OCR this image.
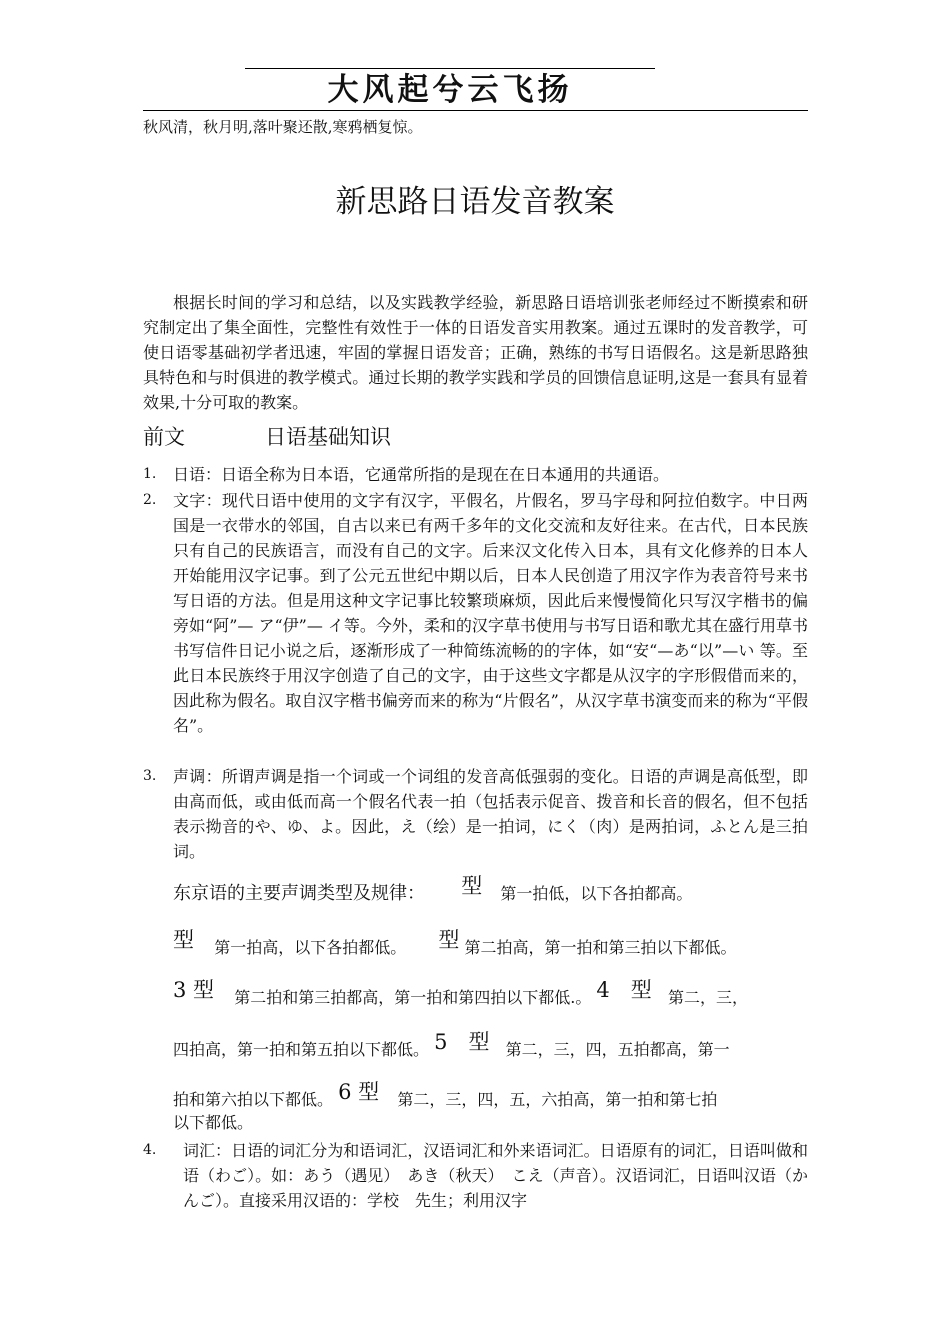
大风起兮云飞扬
秋风清，秋月明,落叶聚还散,寒鸦栖复惊。
新思路日语发音教案
根据长时间的学习和总结，以及实践教学经验，新思路日语培训张老师经过不断摸索和研究制定出了集全面性，完整性有效性于一体的日语发音实用教案。通过五课时的发音教学，可使日语零基础初学者迅速，牢固的掌握日语发音；正确，熟练的书写日语假名。这是新思路独具特色和与时俱进的教学模式。通过长期的教学实践和学员的回馈信息证明,这是一套具有显着效果,十分可取的教案。
前文	日语基础知识
1. 日语：日语全称为日本语，它通常所指的是现在在日本通用的共通语。
2. 文字：现代日语中使用的文字有汉字，平假名，片假名，罗马字母和阿拉伯数字。中日两国是一衣带水的邻国，自古以来已有两千多年的文化交流和友好往来。在古代，日本民族只有自己的民族语言，而没有自己的文字。后来汉文化传入日本，具有文化修养的日本人开始能用汉字记事。到了公元五世纪中期以后，日本人民创造了用汉字作为表音符号来书写日语的方法。但是用这种文字记事比较繁琐麻烦，因此后来慢慢简化只写汉字楷书的偏旁如“阿”— ア“伊”— イ等。今外，柔和的汉字草书使用与书写日语和歌尤其在盛行用草书书写信件日记小说之后，逐渐形成了一种简练流畅的的字体，如“安“—あ“以”—い 等。至此日本民族终于用汉字创造了自己的文字，由于这些文字都是从汉字的字形假借而来的，因此称为假名。取自汉字楷书偏旁而来的称为“片假名”，从汉字草书演变而来的称为“平假名”。
3. 声调：所谓声调是指一个词或一个词组的发音高低强弱的变化。日语的声调是高低型，即由高而低，或由低而高一个假名代表一拍（包括表示促音、拨音和长音的假名，但不包括表示拗音的や、ゆ、よ。因此，え（绘）是一拍词，にく（肉）是两拍词，ふとん是三拍词。
东京语的主要声调类型及规律： 型 第一拍低，以下各拍都高。
型 第一拍高，以下各拍都低。 型 第二拍高，第一拍和第三拍以下都低。
3 型 第二拍和第三拍都高，第一拍和第四拍以下都低.。 4　型 第二，三，
四拍高，第一拍和第五拍以下都低。 5　型 第二，三，四，五拍都高，第一
拍和第六拍以下都低。 6 型 第二，三，四，五，六拍高，第一拍和第七拍
以下都低。
4. 词汇：日语的词汇分为和语词汇，汉语词汇和外来语词汇。日语原有的词汇，日语叫做和语（わご）。如：あう（遇见）　あき（秋天）　こえ（声音）。汉语词汇，日语叫汉语（かんご）。直接采用汉语的：学校　先生；利用汉字
